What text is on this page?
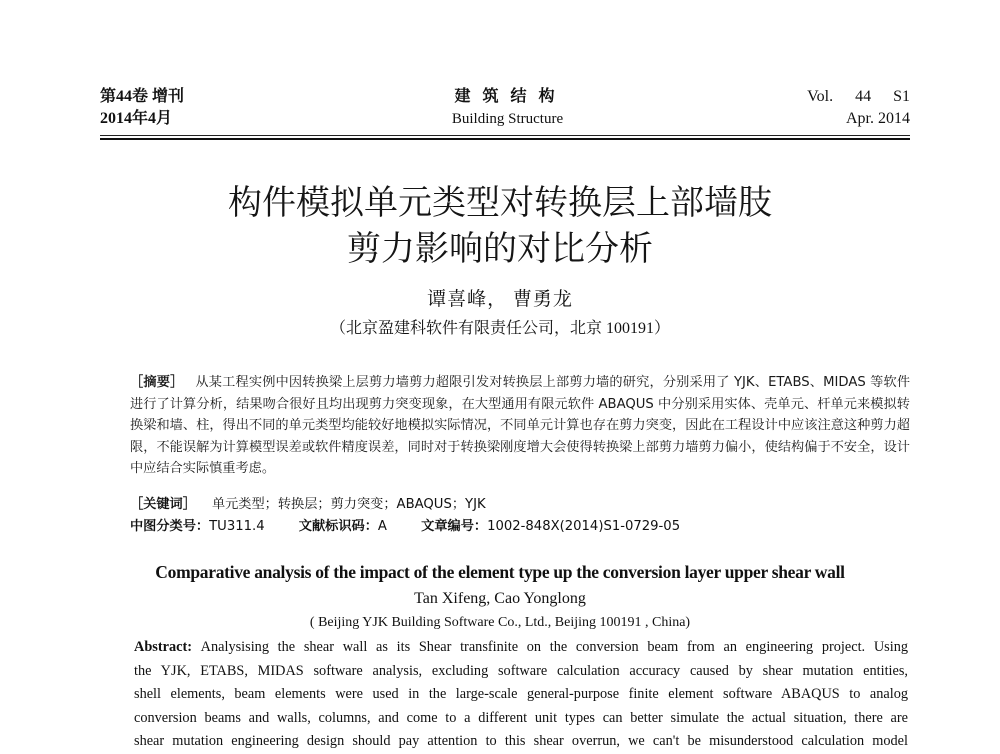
第44卷 增刊
2014年4月
建筑结构
Building Structure
Vol. 44 S1
Apr. 2014
构件模拟单元类型对转换层上部墙肢
剪力影响的对比分析
谭喜峰， 曹勇龙
（北京盈建科软件有限责任公司，北京 100191）
［摘要］ 从某工程实例中因转换梁上层剪力墙剪力超限引发对转换层上部剪力墙的研究，分别采用了 YJK、ETABS、MIDAS 等软件进行了计算分析，结果吻合很好且均出现剪力突变现象，在大型通用有限元软件 ABAQUS 中分别采用实体、壳单元、杆单元来模拟转换梁和墙、柱，得出不同的单元类型均能较好地模拟实际情况，不同单元计算也存在剪力突变，因此在工程设计中应该注意这种剪力超限，不能误解为计算模型误差或软件精度误差，同时对于转换梁刚度增大会使得转换梁上部剪力墙剪力偏小，使结构偏于不安全，设计中应结合实际慎重考虑。
［关键词］ 单元类型；转换层；剪力突变；ABAQUS；YJK
中图分类号：TU311.4	文献标识码：A	文章编号：1002-848X(2014)S1-0729-05
Comparative analysis of the impact of the element type up the conversion layer upper shear wall
Tan Xifeng, Cao Yonglong
( Beijing YJK Building Software Co., Ltd., Beijing 100191 , China)
Abstract: Analysising the shear wall as its Shear transfinite on the conversion beam from an engineering project. Using
the YJK, ETABS, MIDAS software analysis, excluding software calculation accuracy caused by shear mutation entities,
shell elements, beam elements were used in the large-scale general-purpose finite element software ABAQUS to analog
conversion beams and walls, columns, and come to a different unit types can better simulate the actual situation, there are
shear mutation engineering design should pay attention to this shear overrun, we can't be misunderstood calculation model
